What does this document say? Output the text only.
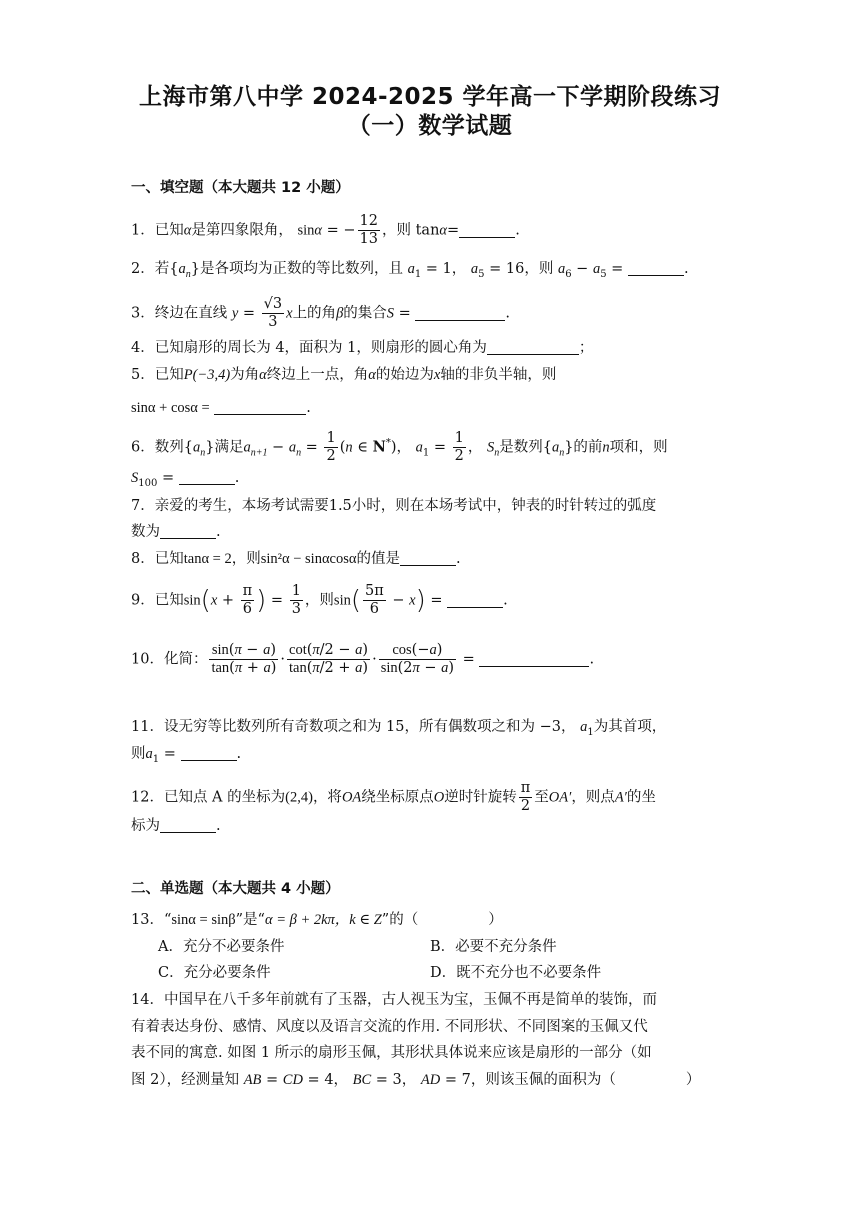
上海市第八中学 2024-2025 学年高一下学期阶段练习
（一）数学试题
一、填空题（本大题共 12 小题）
1．已知α是第四象限角， sinα = − $\frac{12}{13}$ ，则 tanα=	.
2．若$\{a_n\}$是各项均为正数的等比数列，且 $a_1 = 1$， $a_5 = 16$，则 $a_6 - a_5$ =	.
3．终边在直线 $y = \frac{√3}{3}$ x上的角β的集合S =	.
4．已知扇形的周长为 4，面积为 1，则扇形的圆心角为	；
5．已知P(−3,4)为角α终边上一点，角α的始边为x轴的非负半轴，则
sinα + cosα =	.
6．数列$\{a_n\}$满足$a_{n+1} - a_n = \frac{1}{2} (n$ ∈ N*)， $a_1 = \frac{1}{2}$ ， $S_n$是数列$\{a_n\}$的前n项和，则
$S_{100}$ =	.
7．亲爱的考生，本场考试需要1.5小时，则在本场考试中，钟表的时针转过的弧度
数为	.
8．已知tanα = 2，则sin²α − sinαcosα的值是	.
9．已知$\sin(x + \frac{\pi}{6}$ ) = $\frac{1}{3}$ ，则$\sin( \frac{5\pi}{6} - x)$ =	.
10．化简： $\frac{\sin(\pi - a)}{\tan(\pi + a)} \cdot \frac{\cot(\pi/2 - a)}{\tan(\pi/2 + a)} \cdot \frac{\cos(-a)}{\sin(2\pi - a)}$ =	.
11．设无穷等比数列所有奇数项之和为 15，所有偶数项之和为 −3， $a_1$为其首项，
则$a_1$ =	.
12．已知点 A 的坐标为(2,4)，将OA绕坐标原点O逆时针旋转 $\frac{\pi}{2}$ 至OA′，则点A′的坐
标为	.
二、单选题（本大题共 4 小题）
13．“sinα = sinβ”是“α = β + 2kπ，k ∈ Z”的（	）
A．充分不必要条件	B．必要不充分条件
C．充分必要条件	D．既不充分也不必要条件
14．中国早在八千多年前就有了玉器，古人视玉为宝，玉佩不再是简单的装饰，而
有着表达身份、感情、风度以及语言交流的作用. 不同形状、不同图案的玉佩又代
表不同的寓意. 如图 1 所示的扇形玉佩，其形状具体说来应该是扇形的一部分（如
图 2），经测量知 AB = CD = 4， BC = 3， AD = 7，则该玉佩的面积为（	）
